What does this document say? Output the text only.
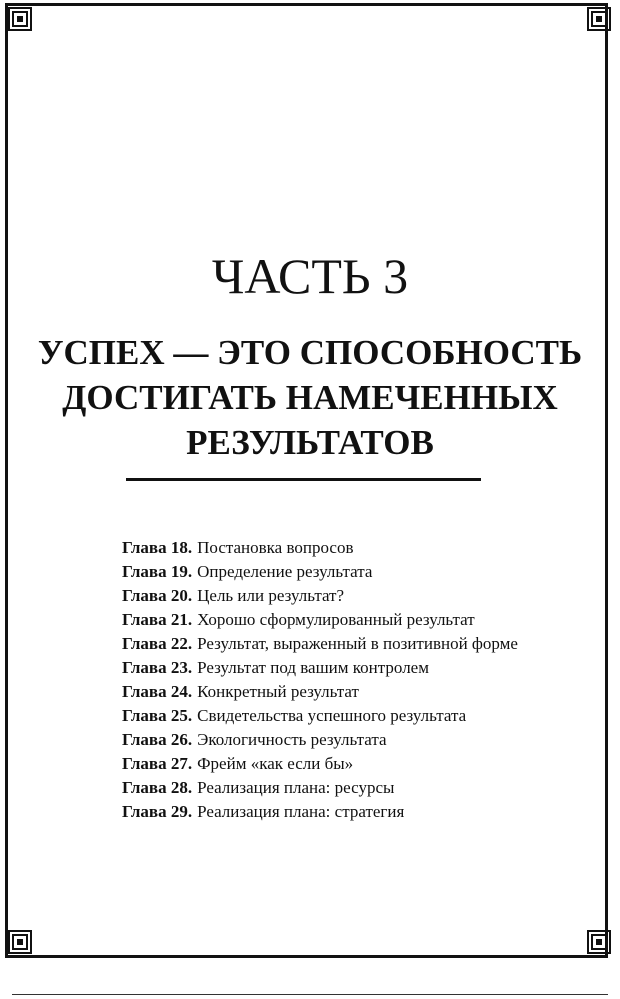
ЧАСТЬ 3
УСПЕХ — ЭТО СПОСОБНОСТЬ
ДОСТИГАТЬ НАМЕЧЕННЫХ
РЕЗУЛЬТАТОВ
Глава 18. Постановка вопросов
Глава 19. Определение результата
Глава 20. Цель или результат?
Глава 21. Хорошо сформулированный результат
Глава 22. Результат, выраженный в позитивной форме
Глава 23. Результат под вашим контролем
Глава 24. Конкретный результат
Глава 25. Свидетельства успешного результата
Глава 26. Экологичность результата
Глава 27. Фрейм «как если бы»
Глава 28. Реализация плана: ресурсы
Глава 29. Реализация плана: стратегия
